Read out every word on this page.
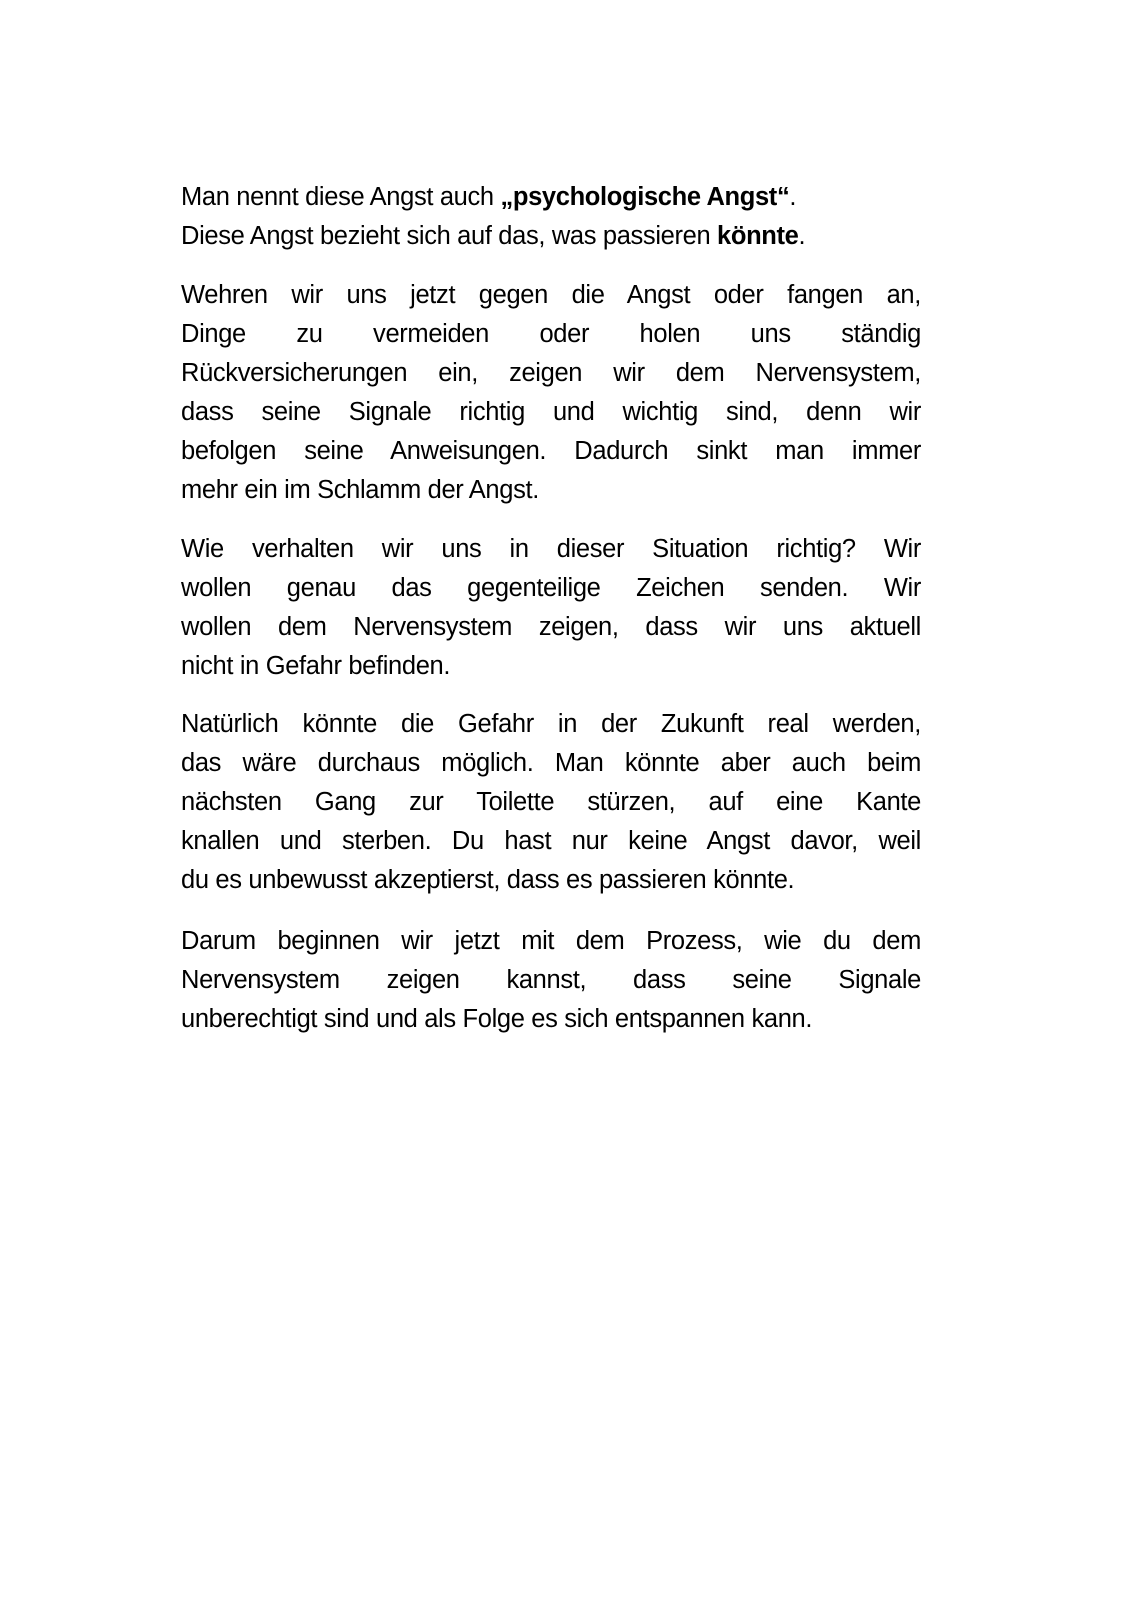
Man nennt diese Angst auch „psychologische Angst“.
Diese Angst bezieht sich auf das, was passieren könnte.
Wehren wir uns jetzt gegen die Angst oder fangen an,
Dinge zu vermeiden oder holen uns ständig
Rückversicherungen ein, zeigen wir dem Nervensystem,
dass seine Signale richtig und wichtig sind, denn wir
befolgen seine Anweisungen. Dadurch sinkt man immer
mehr ein im Schlamm der Angst.
Wie verhalten wir uns in dieser Situation richtig? Wir
wollen genau das gegenteilige Zeichen senden. Wir
wollen dem Nervensystem zeigen, dass wir uns aktuell
nicht in Gefahr befinden.
Natürlich könnte die Gefahr in der Zukunft real werden,
das wäre durchaus möglich. Man könnte aber auch beim
nächsten Gang zur Toilette stürzen, auf eine Kante
knallen und sterben. Du hast nur keine Angst davor, weil
du es unbewusst akzeptierst, dass es passieren könnte.
Darum beginnen wir jetzt mit dem Prozess, wie du dem
Nervensystem zeigen kannst, dass seine Signale
unberechtigt sind und als Folge es sich entspannen kann.
